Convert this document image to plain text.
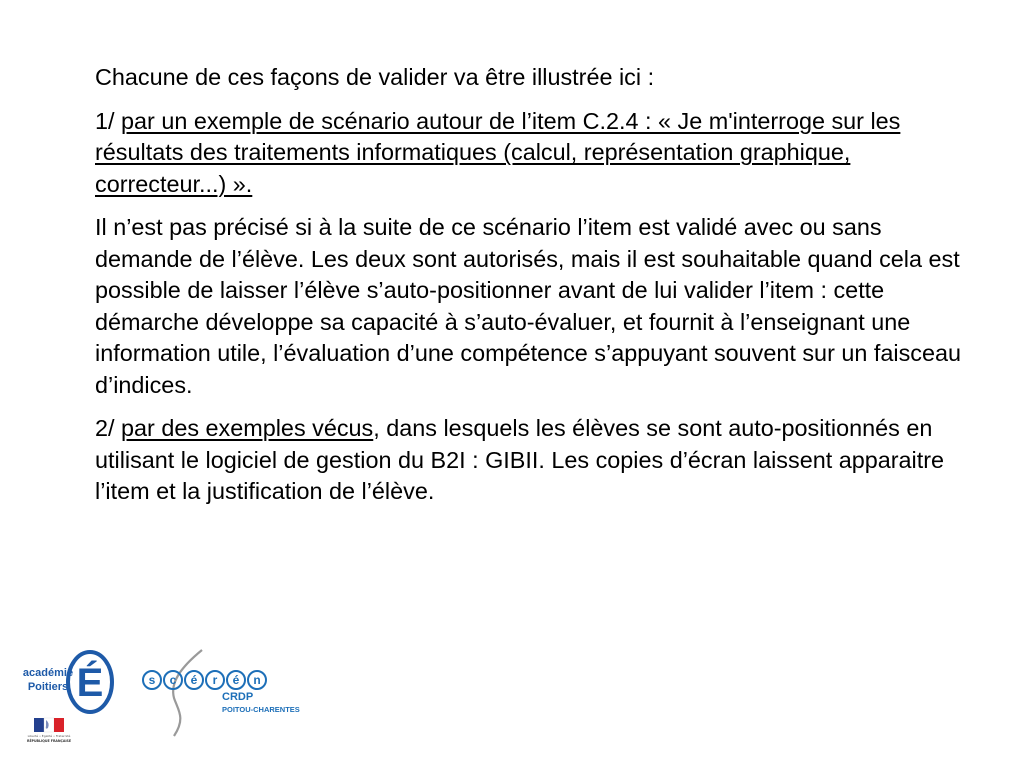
Chacune de ces façons de valider va être illustrée ici :

1/ par un exemple de scénario autour de l’item C.2.4 : « Je m'interroge sur les résultats des traitements informatiques (calcul, représentation graphique, correcteur...) ».

Il n’est pas précisé si à la suite de ce scénario l’item est validé avec ou sans demande de l’élève. Les deux sont autorisés, mais il est souhaitable quand cela est possible de laisser l’élève s’auto-positionner avant de lui valider l’item : cette démarche développe sa capacité à s’auto-évaluer, et fournit à l’enseignant une information utile, l’évaluation d’une compétence s’appuyant souvent sur un faisceau d’indices.

2/ par des exemples vécus, dans lesquels les élèves se sont auto-positionnés en utilisant le logiciel de gestion du B2I : GIBII. Les copies d’écran laissent apparaitre l’item et la justification de l’élève.

É
académie
Poitiers
Liberté • Égalité • Fraternité
RÉPUBLIQUE FRANÇAISE
s c é r é n
CRDP
POITOU-CHARENTES
